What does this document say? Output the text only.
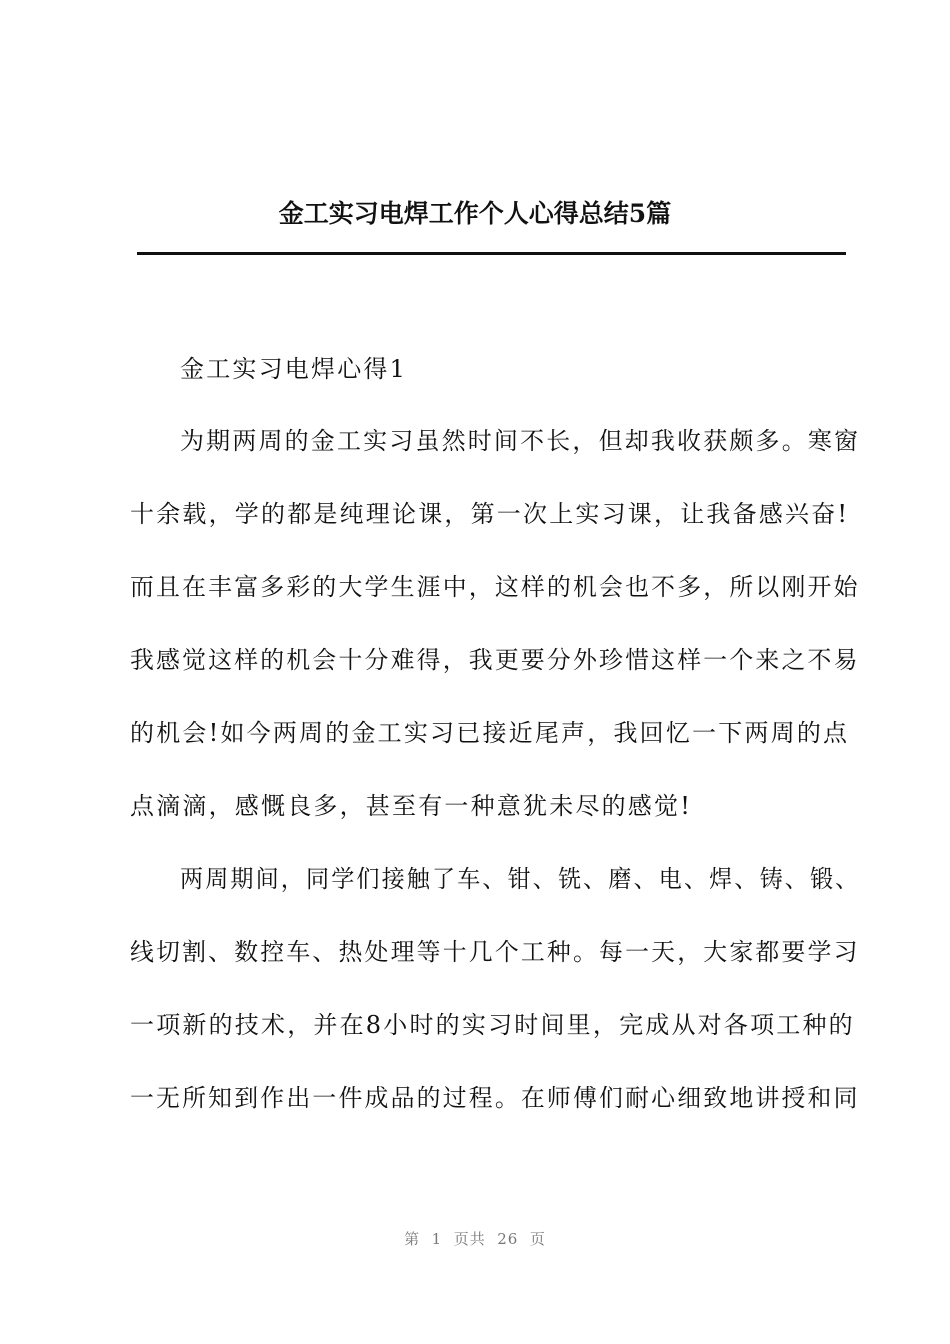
金工实习电焊工作个人心得总结5篇
金工实习电焊心得1
为期两周的金工实习虽然时间不长，但却我收获颇多。寒窗
十余载，学的都是纯理论课，第一次上实习课，让我备感兴奋!
而且在丰富多彩的大学生涯中，这样的机会也不多，所以刚开始
我感觉这样的机会十分难得，我更要分外珍惜这样一个来之不易
的机会!如今两周的金工实习已接近尾声，我回忆一下两周的点
点滴滴，感慨良多，甚至有一种意犹未尽的感觉!
两周期间，同学们接触了车、钳、铣、磨、电、焊、铸、锻、
线切割、数控车、热处理等十几个工种。每一天，大家都要学习
一项新的技术，并在8小时的实习时间里，完成从对各项工种的
一无所知到作出一件成品的过程。在师傅们耐心细致地讲授和同
第  1  页共  26  页
